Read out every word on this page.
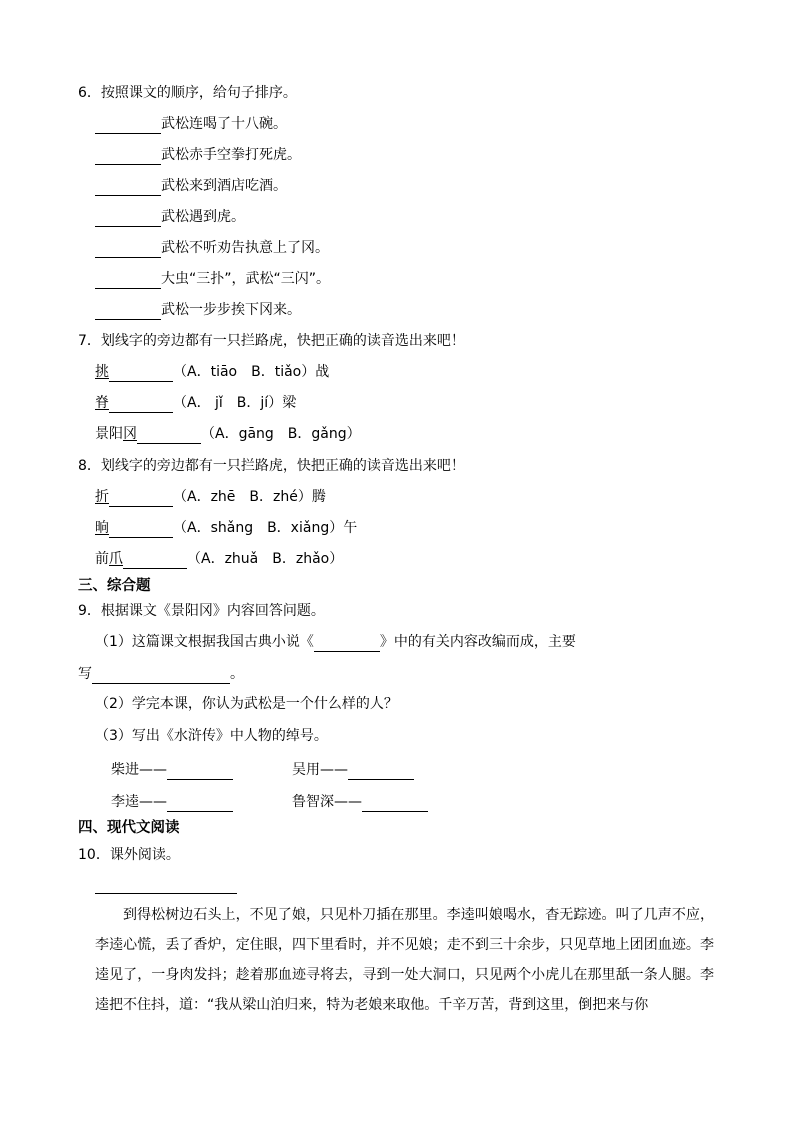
6．按照课文的顺序，给句子排序。
武松连喝了十八碗。
武松赤手空拳打死虎。
武松来到酒店吃酒。
武松遇到虎。
武松不听劝告执意上了冈。
大虫“三扑”，武松“三闪”。
武松一步步挨下冈来。
7．划线字的旁边都有一只拦路虎，快把正确的读音选出来吧！
挑	（A．tiāo　B．tiǎo）战
脊	（A． jǐ　B．jí）梁
景阳冈	（A．gāng　B．gǎng）
8．划线字的旁边都有一只拦路虎，快把正确的读音选出来吧！
折	（A．zhē　B．zhé）腾
晌	（A．shǎng　B．xiǎng）午
前爪	（A．zhuǎ　B．zhǎo）
三、综合题
9．根据课文《景阳冈》内容回答问题。
（1）这篇课文根据我国古典小说《	》中的有关内容改编而成，主要
写	。
（2）学完本课，你认为武松是一个什么样的人？
（3）写出《水浒传》中人物的绰号。
柴进——	吴用——
李逵——	鲁智深——
四、现代文阅读
10．课外阅读。
到得松树边石头上，不见了娘，只见朴刀插在那里。李逵叫娘喝水，杳无踪迹。叫了几声不应，李逵心慌，丢了香炉，定住眼，四下里看时，并不见娘；走不到三十余步，只见草地上团团血迹。李逵见了，一身肉发抖；趁着那血迹寻将去，寻到一处大洞口，只见两个小虎儿在那里舐一条人腿。李逵把不住抖，道：“我从梁山泊归来，特为老娘来取他。千辛万苦，背到这里，倒把来与你
